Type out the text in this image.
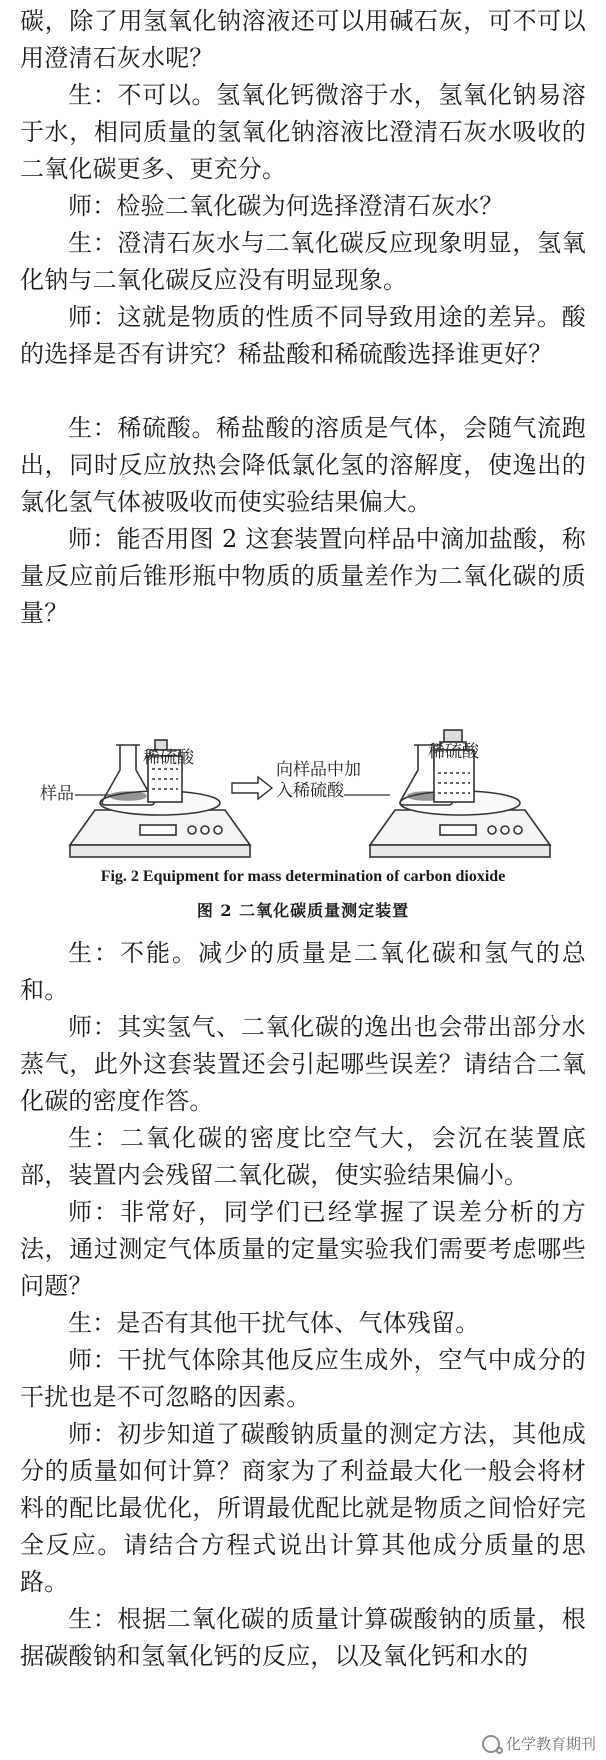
碳，除了用氢氧化钠溶液还可以用碱石灰，可不可以用澄清石灰水呢？

生：不可以。氢氧化钙微溶于水，氢氧化钠易溶于水，相同质量的氢氧化钠溶液比澄清石灰水吸收的二氧化碳更多、更充分。

师：检验二氧化碳为何选择澄清石灰水？

生：澄清石灰水与二氧化碳反应现象明显，氢氧化钠与二氧化碳反应没有明显现象。

师：这就是物质的性质不同导致用途的差异。酸的选择是否有讲究？稀盐酸和稀硫酸选择谁更好？

生：稀硫酸。稀盐酸的溶质是气体，会随气流跑出，同时反应放热会降低氯化氢的溶解度，使逸出的氯化氢气体被吸收而使实验结果偏大。

师：能否用图 2 这套装置向样品中滴加盐酸，称量反应前后锥形瓶中物质的质量差作为二氧化碳的质量？

样品
稀硫酸
向样品中加
入稀硫酸
稀硫酸
Fig. 2 Equipment for mass determination of carbon dioxide
图 2 二氧化碳质量测定装置

生：不能。减少的质量是二氧化碳和氢气的总和。

师：其实氢气、二氧化碳的逸出也会带出部分水蒸气，此外这套装置还会引起哪些误差？请结合二氧化碳的密度作答。

生：二氧化碳的密度比空气大，会沉在装置底部，装置内会残留二氧化碳，使实验结果偏小。

师：非常好，同学们已经掌握了误差分析的方法，通过测定气体质量的定量实验我们需要考虑哪些问题？

生：是否有其他干扰气体、气体残留。

师：干扰气体除其他反应生成外，空气中成分的干扰也是不可忽略的因素。

师：初步知道了碳酸钠质量的测定方法，其他成分的质量如何计算？商家为了利益最大化一般会将材料的配比最优化，所谓最优配比就是物质之间恰好完全反应。请结合方程式说出计算其他成分质量的思路。

生：根据二氧化碳的质量计算碳酸钠的质量，根据碳酸钠和氢氧化钙的反应，以及氧化钙和水的

化学教育期刊
